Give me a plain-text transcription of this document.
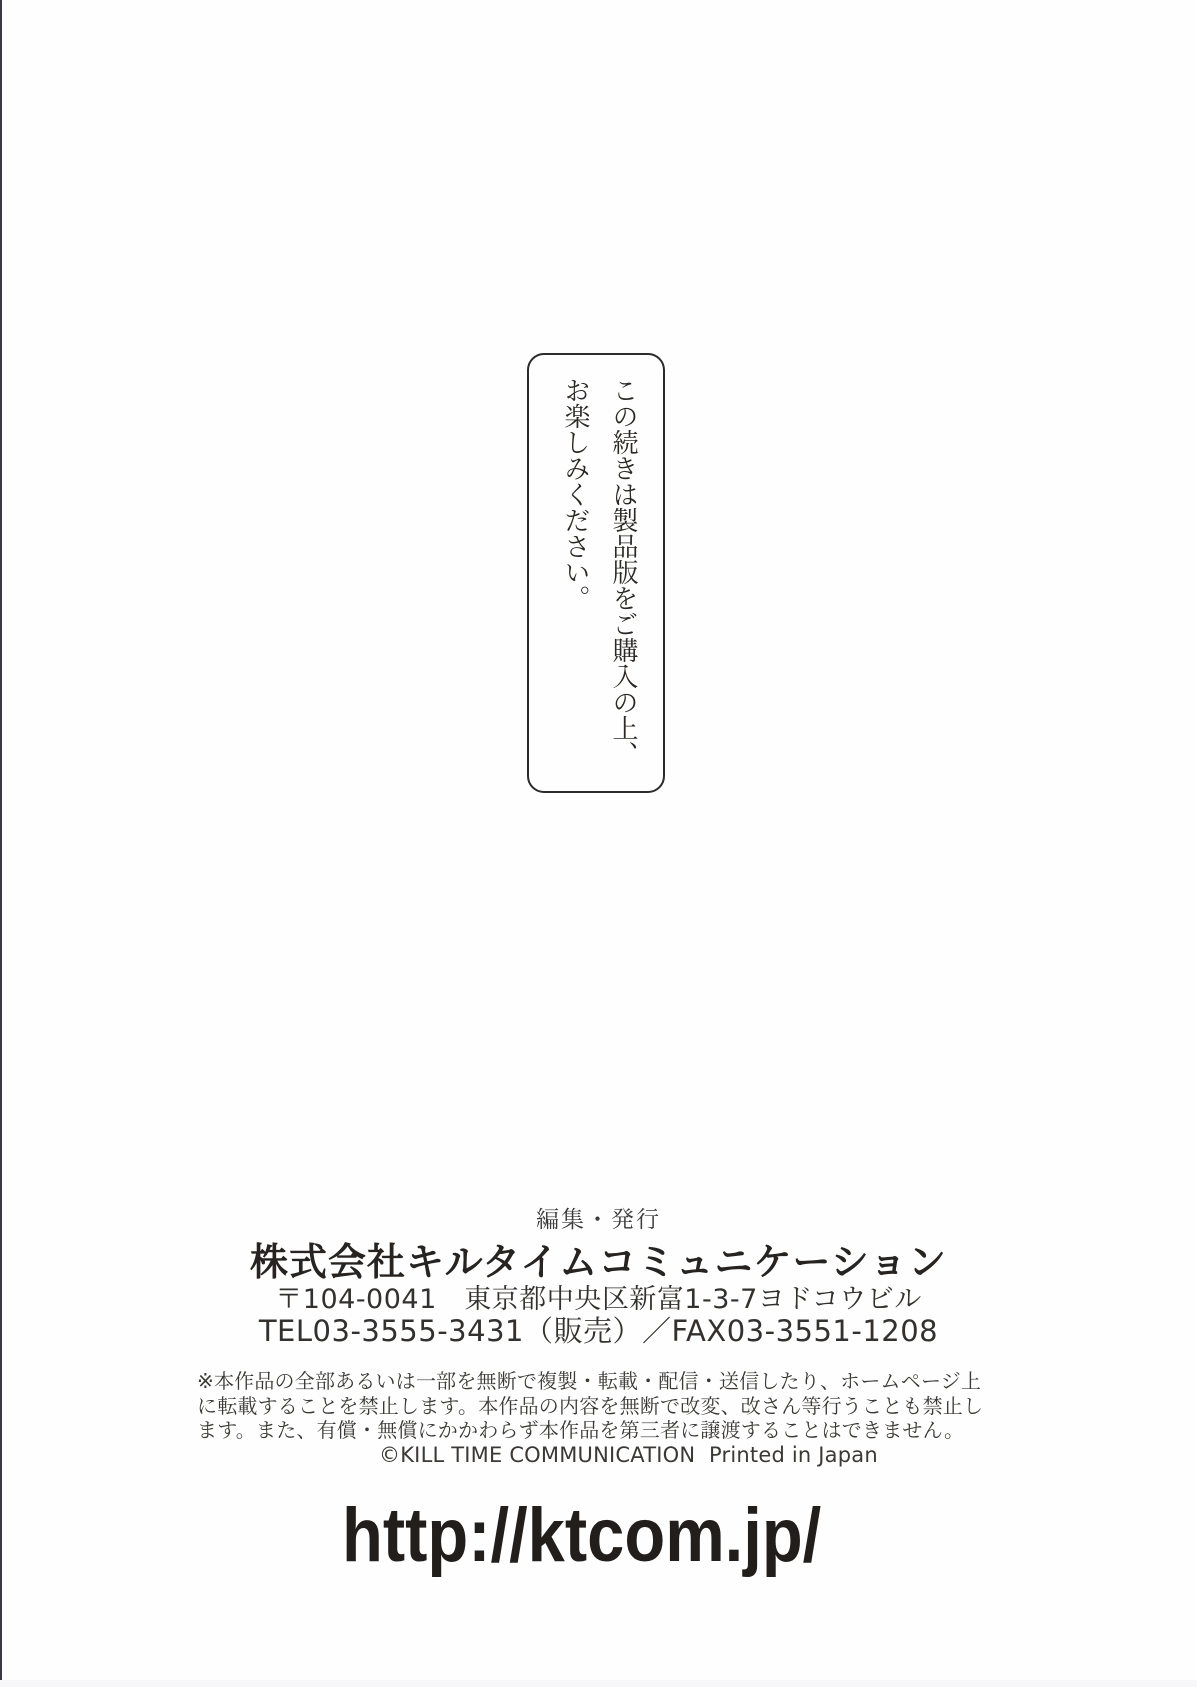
この続きは製品版をご購入の上、
お楽しみください。
編集・発行
株式会社キルタイムコミュニケーション
〒104-0041　東京都中央区新富1-3-7ヨドコウビル
TEL03-3555-3431（販売）／FAX03-3551-1208
※本作品の全部あるいは一部を無断で複製・転載・配信・送信したり、ホームページ上
に転載することを禁止します。本作品の内容を無断で改変、改さん等行うことも禁止し
ます。また、有償・無償にかかわらず本作品を第三者に譲渡することはできません。
©KILL TIME COMMUNICATION  Printed in Japan
http://ktcom.jp/
